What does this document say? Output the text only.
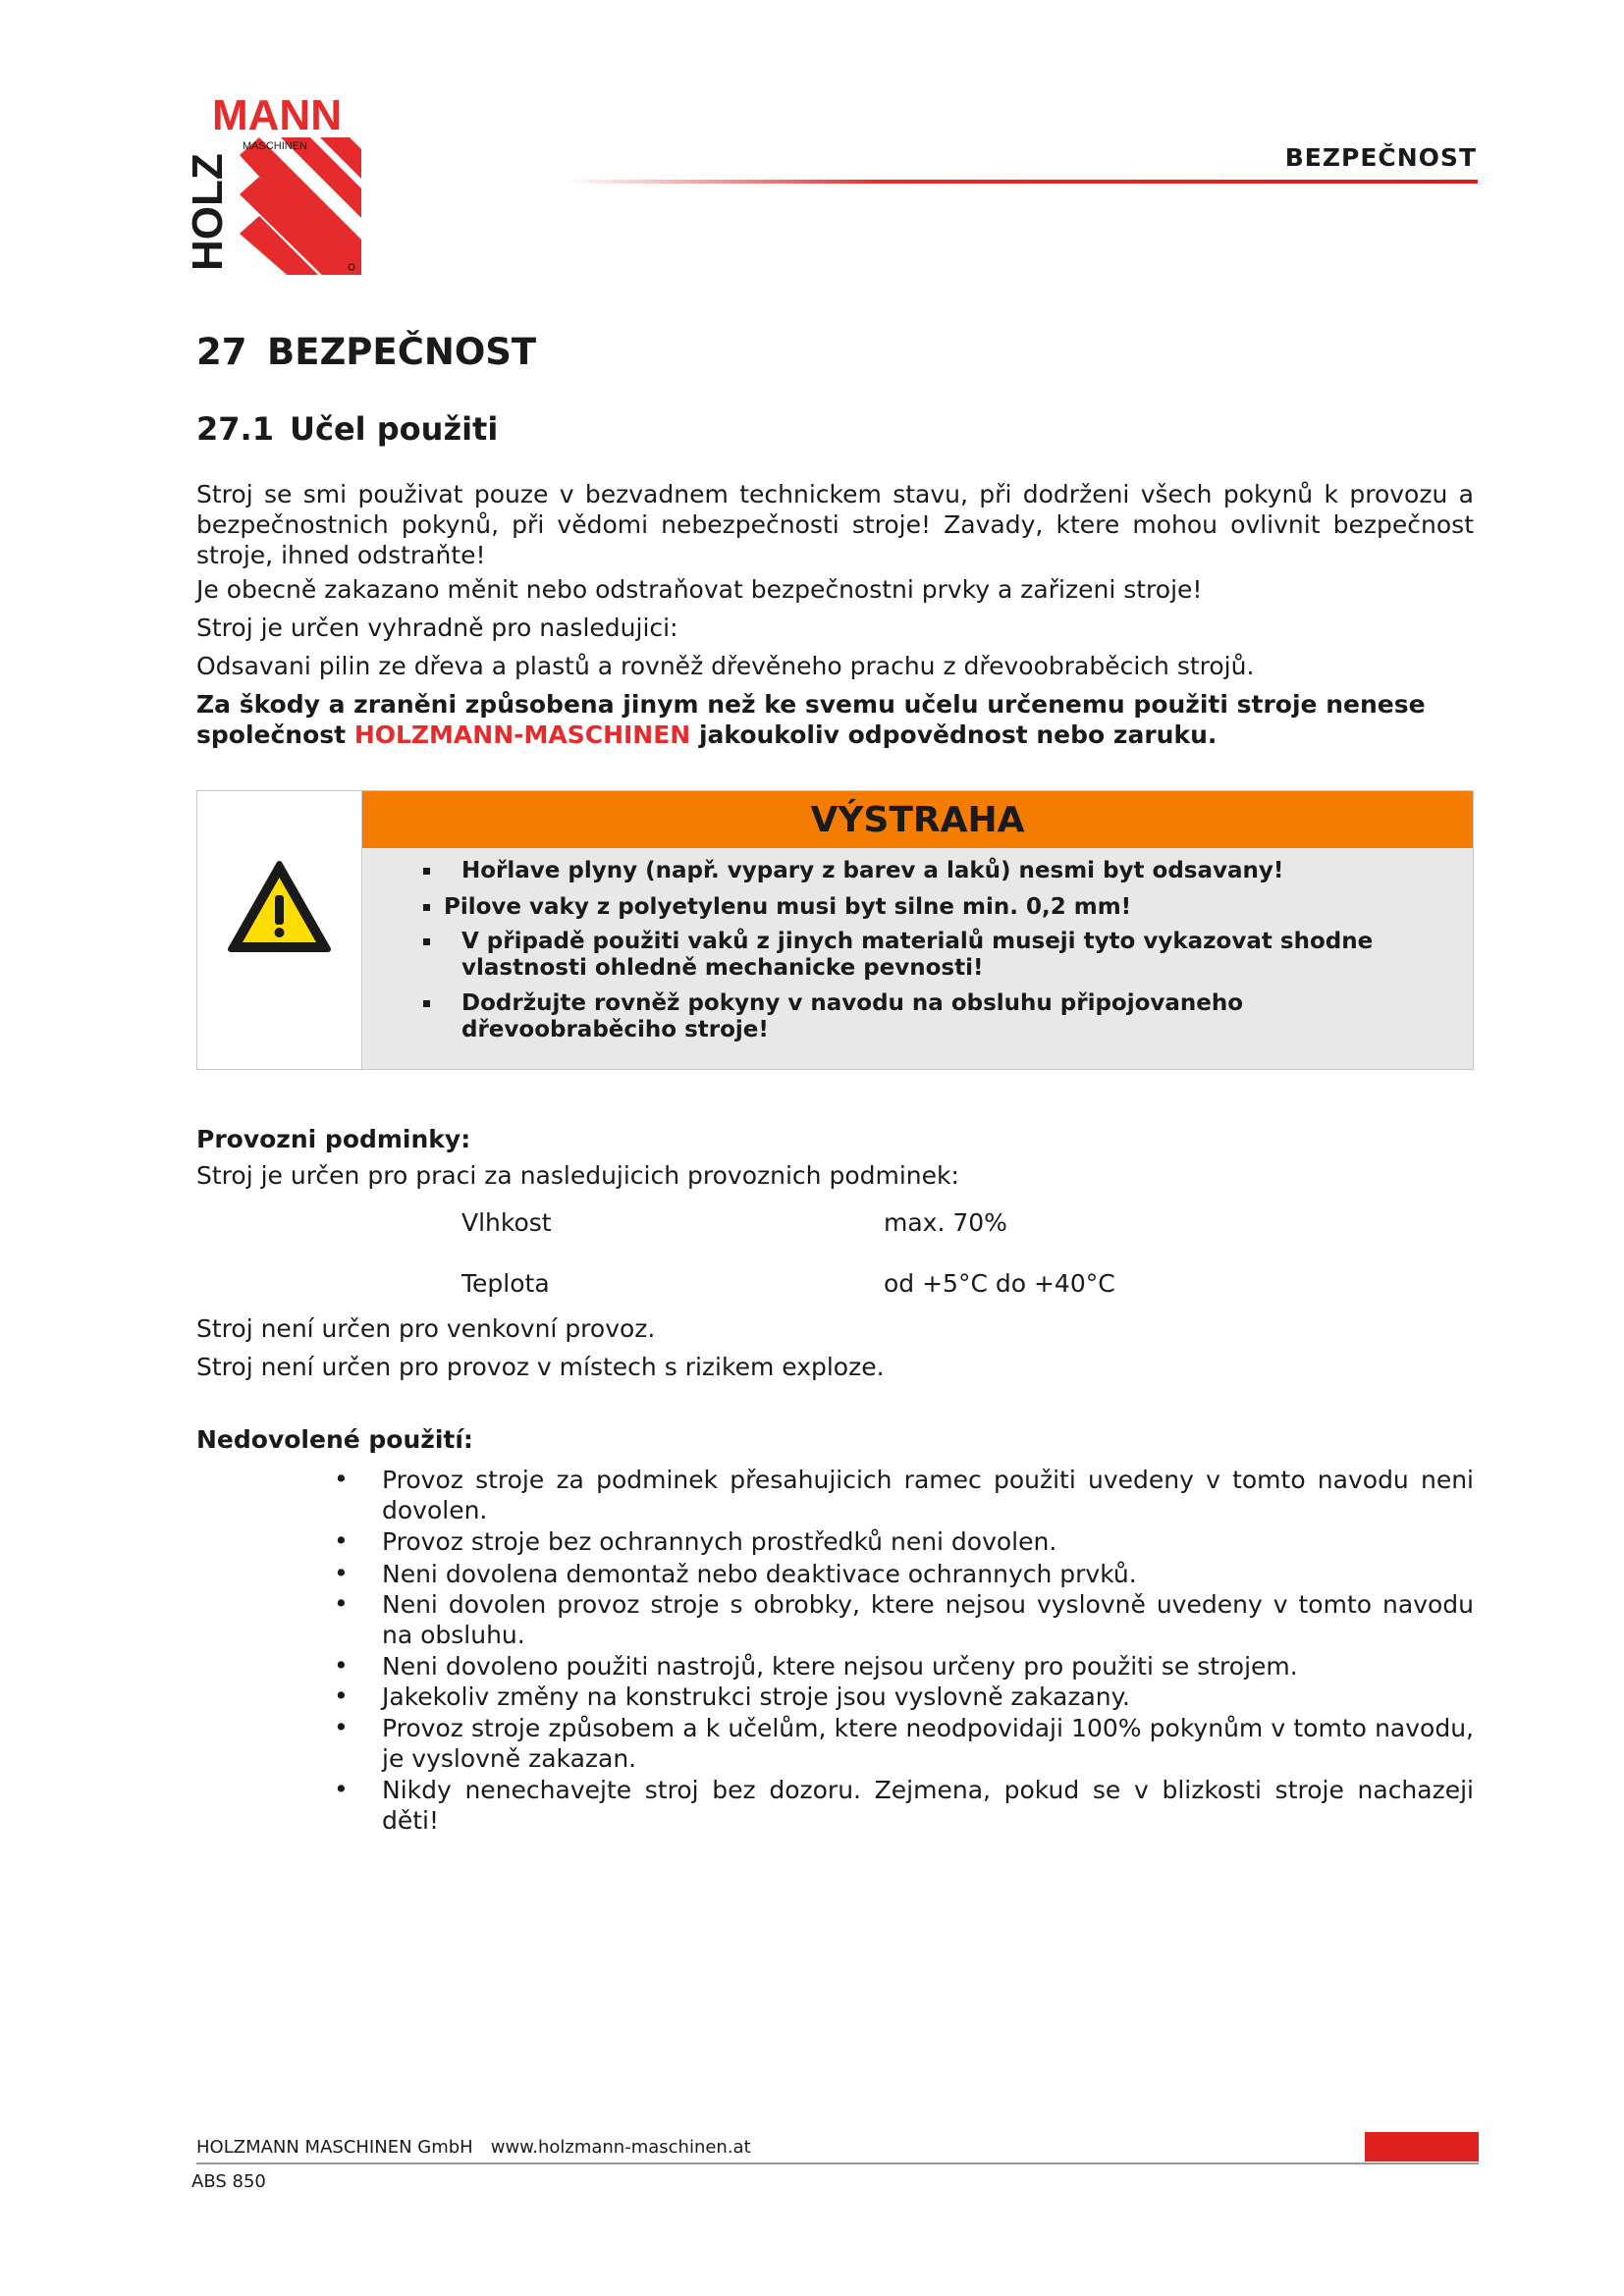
MANN
MASCHINEN
HOLZ	BEZPEČNOST
27 BEZPEČNOST
27.1 Učel použiti
Stroj se smi použivat pouze v bezvadnem technickem stavu, při dodrženi všech pokynů k provozu a bezpečnostnich pokynů, při vědomi nebezpečnosti stroje! Zavady, ktere mohou ovlivnit bezpečnost stroje, ihned odstraňte!
Je obecně zakazano měnit nebo odstraňovat bezpečnostni prvky a zařizeni stroje!
Stroj je určen vyhradně pro nasledujici:
Odsavani pilin ze dřeva a plastů a rovněž dřevěneho prachu z dřevoobraběcich strojů.
Za škody a zraněni způsobena jinym než ke svemu učelu určenemu použiti stroje nenese společnost HOLZMANN-MASCHINEN jakoukoliv odpovědnost nebo zaruku.
VÝSTRAHA
Hořlave plyny (např. vypary z barev a laků) nesmi byt odsavany!
Pilove vaky z polyetylenu musi byt silne min. 0,2 mm!
V připadě použiti vaků z jinych materialů museji tyto vykazovat shodne vlastnosti ohledně mechanicke pevnosti!
Dodržujte rovněž pokyny v navodu na obsluhu připojovaneho dřevoobraběciho stroje!
Provozni podminky:
Stroj je určen pro praci za nasledujicich provoznich podminek:
Vlhkost	max. 70%
Teplota	od +5°C do +40°C
Stroj není určen pro venkovní provoz.
Stroj není určen pro provoz v místech s rizikem exploze.
Nedovolené použití:
• Provoz stroje za podminek přesahujicich ramec použiti uvedeny v tomto navodu neni dovolen.
• Provoz stroje bez ochrannych prostředků neni dovolen.
• Neni dovolena demontaž nebo deaktivace ochrannych prvků.
• Neni dovolen provoz stroje s obrobky, ktere nejsou vyslovně uvedeny v tomto navodu na obsluhu.
• Neni dovoleno použiti nastrojů, ktere nejsou určeny pro použiti se strojem.
• Jakekoliv změny na konstrukci stroje jsou vyslovně zakazany.
• Provoz stroje způsobem a k učelům, ktere neodpovidaji 100% pokynům v tomto navodu, je vyslovně zakazan.
• Nikdy nenechavejte stroj bez dozoru. Zejmena, pokud se v blizkosti stroje nachazeji děti!
HOLZMANN MASCHINEN GmbH www.holzmann-maschinen.at
ABS 850
